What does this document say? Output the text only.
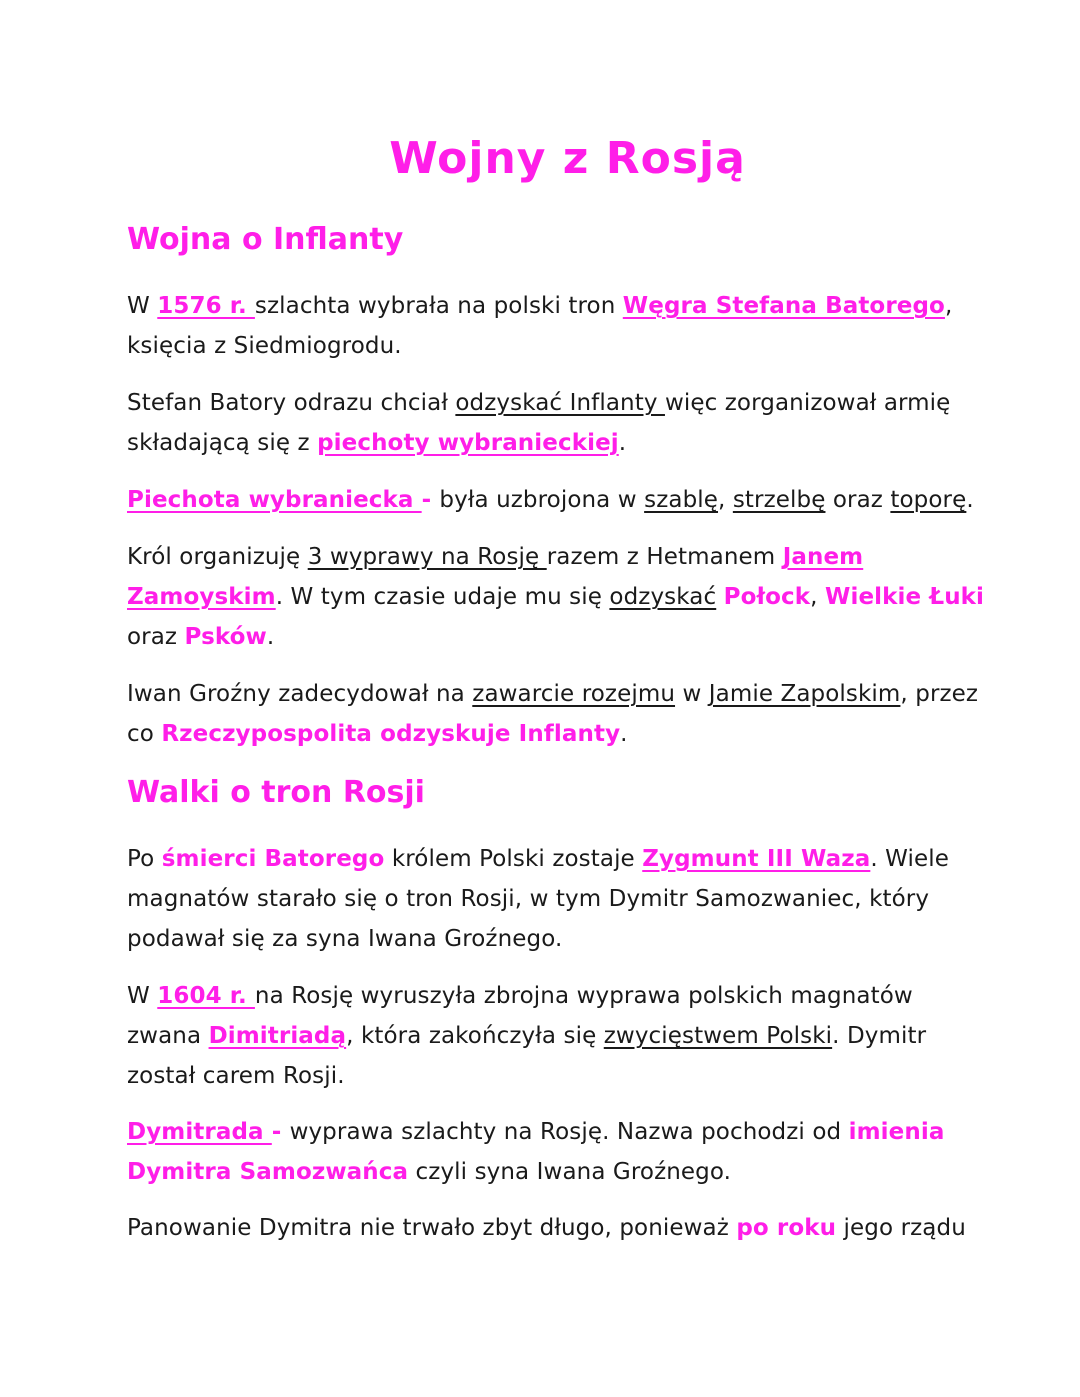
Wojny z Rosją
Wojna o Inflanty

W 1576 r. szlachta wybrała na polski tron Węgra Stefana Batorego, księcia z Siedmiogrodu.

Stefan Batory odrazu chciał odzyskać Inflanty więc zorganizował armię składającą się z piechoty wybranieckiej.

Piechota wybraniecka - była uzbrojona w szablę, strzelbę oraz toporę.

Król organizuję 3 wyprawy na Rosję razem z Hetmanem Janem Zamoyskim. W tym czasie udaje mu się odzyskać Połock, Wielkie Łuki oraz Psków.

Iwan Groźny zadecydował na zawarcie rozejmu w Jamie Zapolskim, przez co Rzeczypospolita odzyskuje Inflanty.

Walki o tron Rosji

Po śmierci Batorego królem Polski zostaje Zygmunt III Waza. Wiele magnatów starało się o tron Rosji, w tym Dymitr Samozwaniec, który podawał się za syna Iwana Groźnego.

W 1604 r. na Rosję wyruszyła zbrojna wyprawa polskich magnatów zwana Dimitriadą, która zakończyła się zwycięstwem Polski. Dymitr został carem Rosji.

Dymitrada - wyprawa szlachty na Rosję. Nazwa pochodzi od imienia Dymitra Samozwańca czyli syna Iwana Groźnego.

Panowanie Dymitra nie trwało zbyt długo, ponieważ po roku jego rządu
